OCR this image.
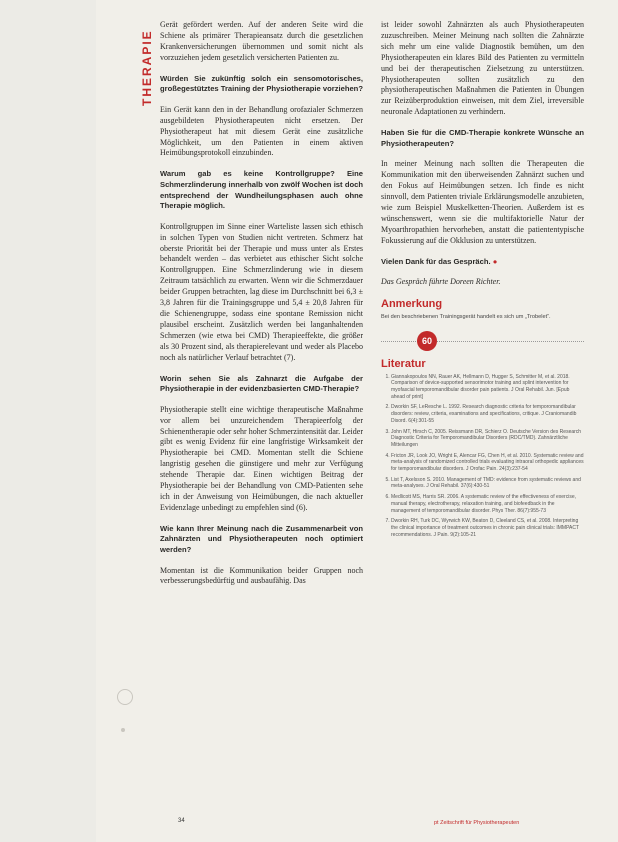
THERAPIE

Gerät gefördert werden. Auf der anderen Seite wird die Schiene als primärer Therapieansatz durch die gesetzlichen Krankenversicherungen übernommen und somit nicht als vorzuziehen jedem gesetzlich versicherten Patienten zu.

Würden Sie zukünftig solch ein sensomotorisches, großegestütztes Training der Physiotherapie vorziehen?

Ein Gerät kann den in der Behandlung orofazialer Schmerzen ausgebildeten Physiotherapeuten nicht ersetzen. Der Physiotherapeut hat mit diesem Gerät eine zusätzliche Möglichkeit, um den Patienten in einem aktiven Heimübungsprotokoll einzubinden.

Warum gab es keine Kontrollgruppe? Eine Schmerzlinderung innerhalb von zwölf Wochen ist doch entsprechend der Wundheilungsphasen auch ohne Therapie möglich.

Kontrollgruppen im Sinne einer Warteliste lassen sich ethisch in solchen Typen von Studien nicht vertreten. Schmerz hat oberste Priorität bei der Therapie und muss unter als Erstes behandelt werden – das verbietet aus ethischer Sicht solche Kontrollgruppen. Eine Schmerzlinderung wie in diesem Zeitraum tatsächlich zu erwarten. Wenn wir die Schmerzdauer beider Gruppen betrachten, lag diese im Durchschnitt bei 6,3 ± 3,8 Jahren für die Trainingsgruppe und 5,4 ± 20,8 Jahren für die Schienengruppe, sodass eine spontane Remission nicht plausibel erscheint. Zusätzlich werden bei langanhaltenden Schmerzen (wie etwa bei CMD) Therapieeffekte, die größer als 30 Prozent sind, als therapierelevant und weder als Placebo noch als natürlicher Verlauf betrachtet (7).

Worin sehen Sie als Zahnarzt die Aufgabe der Physiotherapie in der evidenzbasierten CMD-Therapie?

Physiotherapie stellt eine wichtige therapeutische Maßnahme vor allem bei unzureichendem Therapieerfolg der Schienentherapie oder sehr hoher Schmerzintensität dar. Leider gibt es wenig Evidenz für eine langfristige Wirksamkeit der Physiotherapie bei CMD. Momentan stellt die Schiene langristig gesehen die günstigere und mehr zur Verfügung stehende Therapie dar. Einen wichtigen Beitrag der Physiotherapie bei der Behandlung von CMD-Patienten sehe ich in der Anweisung von Heimübungen, die nach aktueller Evidenzlage unbedingt zu empfehlen sind (6).

Wie kann Ihrer Meinung nach die Zusammenarbeit von Zahnärzten und Physiotherapeuten noch optimiert werden?

Momentan ist die Kommunikation beider Gruppen noch verbesserungsbedürftig und ausbaufähig. Das

ist leider sowohl Zahnärzten als auch Physiotherapeuten zuzuschreiben. Meiner Meinung nach sollten die Zahnärzte sich mehr um eine valide Diagnostik bemühen, um den Physiotherapeuten ein klares Bild des Patienten zu vermitteln und bei der therapeutischen Zielsetzung zu unterstützen. Physiotherapeuten sollten zusätzlich zu den physiotherapeutischen Maßnahmen die Patienten in Übungen zur Reizüberproduktion einweisen, mit dem Ziel, irreversible neuronale Adaptationen zu verhindern.

Haben Sie für die CMD-Therapie konkrete Wünsche an Physiotherapeuten?

In meiner Meinung nach sollten die Therapeuten die Kommunikation mit den überweisenden Zahnärzt suchen und den Fokus auf Heimübungen setzen. Ich finde es nicht sinnvoll, dem Patienten triviale Erklärungsmodelle anzubieten, wie zum Beispiel Muskelketten-Theorien. Außerdem ist es wünschenswert, wenn sie die multifaktorielle Natur der Myoarthropathien hervorheben, anstatt die patiententypische Fokussierung auf die Okklusion zu unterstützen.

Vielen Dank für das Gespräch. ●

Das Gespräch führte Doreen Richter.

Anmerkung
Bei den beschriebenen Trainingsgerät handelt es sich um „Trobelet“.
60
Literatur
1. Giannakopoulos NN, Rauer AK, Hellmann D, Hugger S, Schmitter M, et al. 2018. Comparison of device-supported sensorimotor training and splint intervention for myofascial temporomandibular disorder pain patients. J Oral Rehabil. Jun. [Epub ahead of print]
2. Dworkin SF, LeResche L. 1992. Research diagnostic criteria for temporomandibular disorders: review, criteria, examinations and specifications, critique. J Craniomandib Disord. 6(4):301-55
3. John MT, Hirsch C, 2005. Reissmann DR, Schierz O. Deutsche Version des Research Diagnostic Criteria for Temporomandibular Disorders (RDC/TMD). Zahnärztliche Mitteilungen
4. Fricton JR, Look JO, Wright E, Alencar FG, Chen H, et al. 2010. Systematic review and meta-analysis of randomized controlled trials evaluating intraoral orthopedic appliances for temporomandibular disorders. J Orofac Pain. 24(3):237-54
5. List T, Axelsson S. 2010. Management of TMD: evidence from systematic reviews and meta-analyses. J Oral Rehabil. 37(6):430-51
6. Medlicott MS, Harris SR. 2006. A systematic review of the effectiveness of exercise, manual therapy, electrotherapy, relaxation training, and biofeedback in the management of temporomandibular disorder. Phys Ther. 86(7):955-73
7. Dworkin RH, Turk DC, Wyrwich KW, Beaton D, Cleeland CS, et al. 2008. Interpreting the clinical importance of treatment outcomes in chronic pain clinical trials: IMMPACT recommendations. J Pain. 9(2):105-21
34	pt Zeitschrift für Physiotherapeuten
